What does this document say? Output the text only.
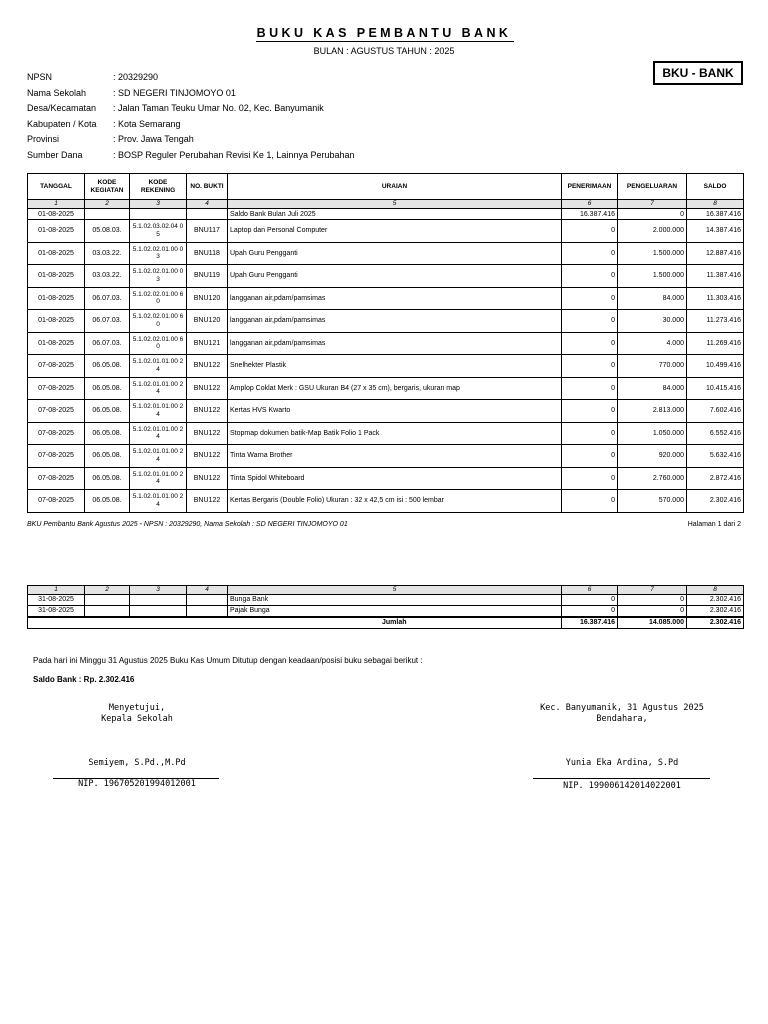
BUKU KAS PEMBANTU BANK
BULAN : AGUSTUS TAHUN : 2025
BKU - BANK
NPSN	: 20329290
Nama Sekolah	: SD NEGERI TINJOMOYO 01
Desa/Kecamatan : Jalan Taman Teuku Umar No. 02, Kec. Banyumanik
Kabupaten / Kota : Kota Semarang
Provinsi	: Prov. Jawa Tengah
Sumber Dana	: BOSP Reguler Perubahan Revisi Ke 1, Lainnya Perubahan
TANGGAL	KODE KEGIATAN	KODE REKENING	NO. BUKTI	URAIAN	PENERIMAAN	PENGELUARAN	SALDO
1	2	3	4	5	6	7	8
01-08-2025				Saldo Bank Bulan Juli 2025	16.387.416	0	16.387.416
01-08-2025	05.08.03.	5.1.02.03.02.04 05	BNU117	Laptop dan Personal Computer	0	2.000.000	14.387.416
01-08-2025	03.03.22.	5.1.02.02.01.00 03	BNU118	Upah Guru Pengganti	0	1.500.000	12.887.416
01-08-2025	03.03.22.	5.1.02.02.01.00 03	BNU119	Upah Guru Pengganti	0	1.500.000	11.387.416
01-08-2025	06.07.03.	5.1.02.02.01.00 60	BNU120	langganan air,pdam/pamsimas	0	84.000	11.303.416
01-08-2025	06.07.03.	5.1.02.02.01.00 60	BNU120	langganan air,pdam/pamsimas	0	30.000	11.273.416
01-08-2025	06.07.03.	5.1.02.02.01.00 60	BNU121	langganan air,pdam/pamsimas	0	4.000	11.269.416
07-08-2025	06.05.08.	5.1.02.01.01.00 24	BNU122	Snelhekter Plastik	0	770.000	10.499.416
07-08-2025	06.05.08.	5.1.02.01.01.00 24	BNU122	Amplop Coklat Merk : GSU Ukuran B4 (27 x 35 cm), bergaris, ukuran map	0	84.000	10.415.416
07-08-2025	06.05.08.	5.1.02.01.01.00 24	BNU122	Kertas HVS Kwarto	0	2.813.000	7.602.416
07-08-2025	06.05.08.	5.1.02.01.01.00 24	BNU122	Stopmap dokumen batik-Map Batik Folio 1 Pack	0	1.050.000	6.552.416
07-08-2025	06.05.08.	5.1.02.01.01.00 24	BNU122	Tinta Warna Brother	0	920.000	5.632.416
07-08-2025	06.05.08.	5.1.02.01.01.00 24	BNU122	Tinta Spidol Whiteboard	0	2.760.000	2.872.416
07-08-2025	06.05.08.	5.1.02.01.01.00 24	BNU122	Kertas Bergaris (Double Folio) Ukuran : 32 x 42,5 cm isi : 500 lembar	0	570.000	2.302.416
BKU Pembantu Bank Agustus 2025 - NPSN : 20329290, Nama Sekolah : SD NEGERI TINJOMOYO 01	Halaman 1 dari 2
1	2	3	4	5	6	7	8
31-08-2025				Bunga Bank	0	0	2.302.416
31-08-2025				Pajak Bunga	0	0	2.302.416
				Jumlah	16.387.416	14.085.000	2.302.416
Pada hari ini Minggu 31 Agustus 2025 Buku Kas Umum Ditutup dengan keadaan/posisi buku sebagai berikut :
Saldo Bank : Rp. 2.302.416
Menyetujui,
Kepala Sekolah
Semiyem, S.Pd.,M.Pd
NIP. 196705201994012001
Kec. Banyumanik, 31 Agustus 2025
Bendahara,
Yunia Eka Ardina, S.Pd
NIP. 199006142014022001
